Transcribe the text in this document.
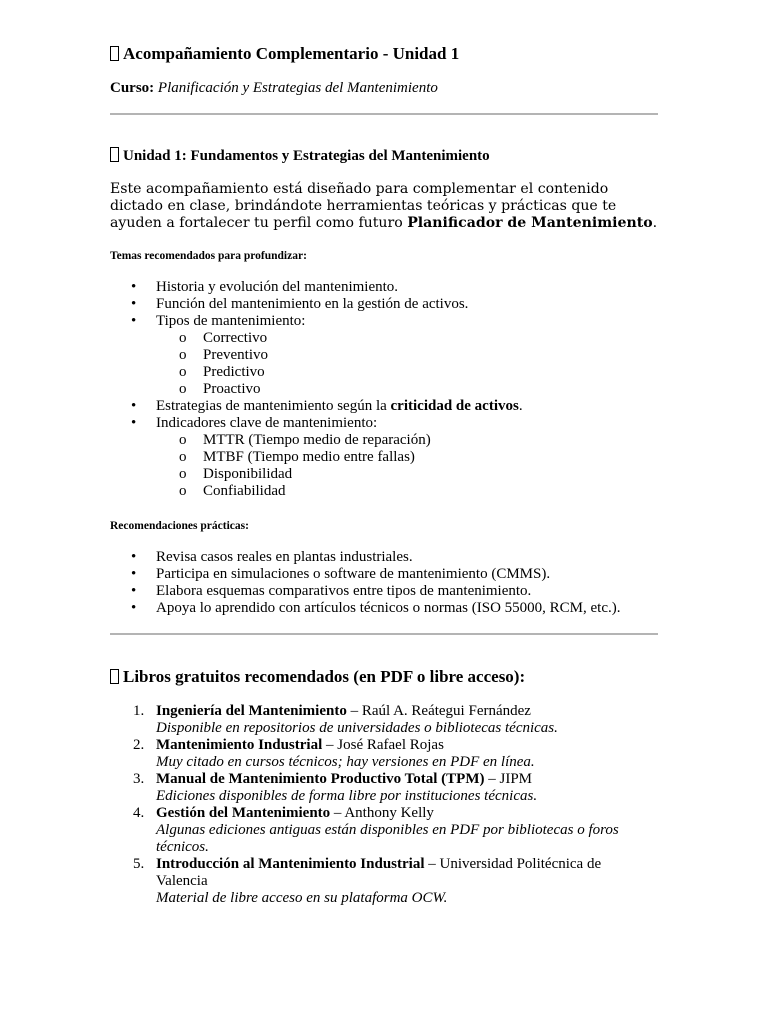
Acompañamiento Complementario - Unidad 1
Curso: Planificación y Estrategias del Mantenimiento
Unidad 1: Fundamentos y Estrategias del Mantenimiento
Este acompañamiento está diseñado para complementar el contenido dictado en clase, brindándote herramientas teóricas y prácticas que te ayuden a fortalecer tu perfil como futuro Planificador de Mantenimiento.
Temas recomendados para profundizar:
• Historia y evolución del mantenimiento.
• Función del mantenimiento en la gestión de activos.
• Tipos de mantenimiento:
o Correctivo
o Preventivo
o Predictivo
o Proactivo
• Estrategias de mantenimiento según la criticidad de activos.
• Indicadores clave de mantenimiento:
o MTTR (Tiempo medio de reparación)
o MTBF (Tiempo medio entre fallas)
o Disponibilidad
o Confiabilidad
Recomendaciones prácticas:
• Revisa casos reales en plantas industriales.
• Participa en simulaciones o software de mantenimiento (CMMS).
• Elabora esquemas comparativos entre tipos de mantenimiento.
• Apoya lo aprendido con artículos técnicos o normas (ISO 55000, RCM, etc.).
Libros gratuitos recomendados (en PDF o libre acceso):
1. Ingeniería del Mantenimiento – Raúl A. Reátegui Fernández
Disponible en repositorios de universidades o bibliotecas técnicas.
2. Mantenimiento Industrial – José Rafael Rojas
Muy citado en cursos técnicos; hay versiones en PDF en línea.
3. Manual de Mantenimiento Productivo Total (TPM) – JIPM
Ediciones disponibles de forma libre por instituciones técnicas.
4. Gestión del Mantenimiento – Anthony Kelly
Algunas ediciones antiguas están disponibles en PDF por bibliotecas o foros técnicos.
5. Introducción al Mantenimiento Industrial – Universidad Politécnica de Valencia
Material de libre acceso en su plataforma OCW.
